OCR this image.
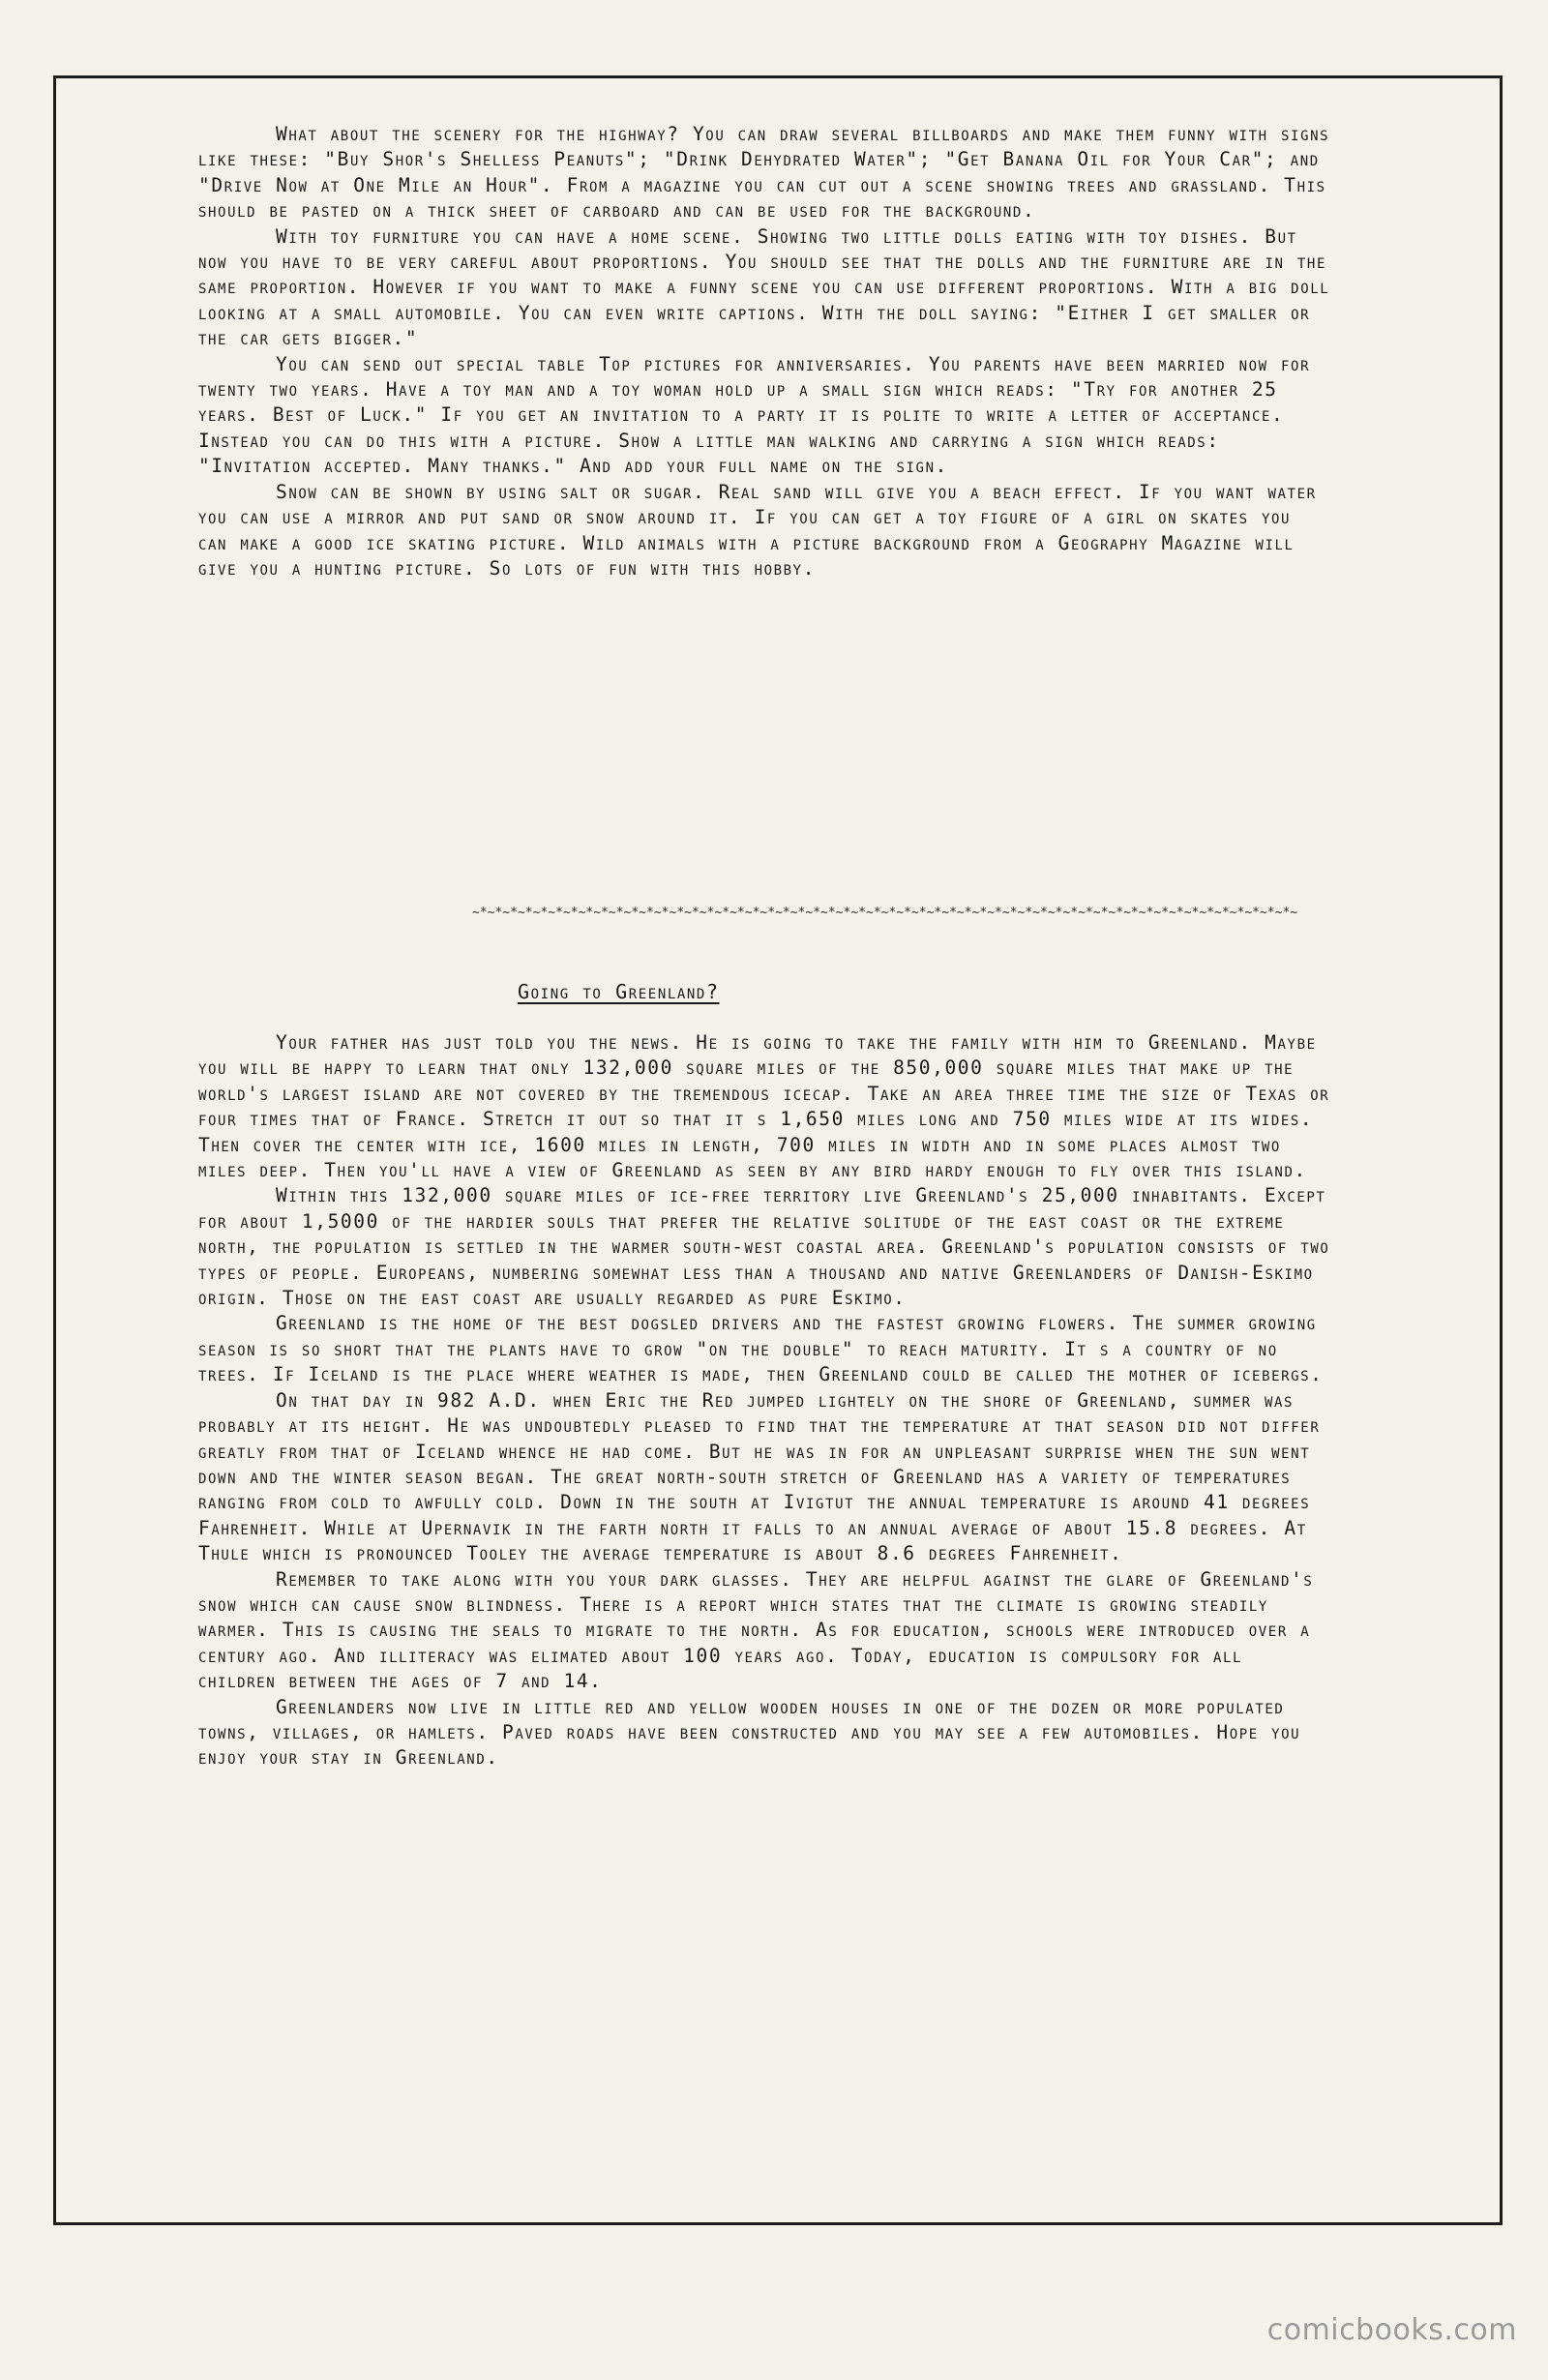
What about the scenery for the highway? You can draw several billboards and make them funny with signs like these: "Buy Shor's Shelless Peanuts"; "Drink Dehydrated Water"; "Get Banana Oil for Your Car"; and "Drive Now at One Mile an Hour". From a magazine you can cut out a scene showing trees and grassland. This should be pasted on a thick sheet of carboard and can be used for the background.

With toy furniture you can have a home scene. Showing two little dolls eating with toy dishes. But now you have to be very careful about proportions. You should see that the dolls and the furniture are in the same proportion. However if you want to make a funny scene you can use different proportions. With a big doll looking at a small automobile. You can even write captions. With the doll saying: "Either I get smaller or the car gets bigger."

You can send out special table Top pictures for anniversaries. You parents have been married now for twenty two years. Have a toy man and a toy woman hold up a small sign which reads: "Try for another 25 years. Best of Luck." If you get an invitation to a party it is polite to write a letter of acceptance. Instead you can do this with a picture. Show a little man walking and carrying a sign which reads: "Invitation accepted. Many thanks." And add your full name on the sign.

Snow can be shown by using salt or sugar. Real sand will give you a beach effect. If you want water you can use a mirror and put sand or snow around it. If you can get a toy figure of a girl on skates you can make a good ice skating picture. Wild animals with a picture background from a Geography Magazine will give you a hunting picture. So lots of fun with this hobby.

~*~*~*~*~*~*~*~*~*~*~*~*~*~*~*~*~*~*~*~*~*~*~*~*~*~*~*~*~*~*~*~*~*~*~*~*~*~*~*~*~*~*~*~*~*~*~*~*~*~*~*~*~*~*~
Going to Greenland?

Your father has just told you the news. He is going to take the family with him to Greenland. Maybe you will be happy to learn that only 132,000 square miles of the 850,000 square miles that make up the world's largest island are not covered by the tremendous icecap. Take an area three time the size of Texas or four times that of France. Stretch it out so that it s 1,650 miles long and 750 miles wide at its wides. Then cover the center with ice, 1600 miles in length, 700 miles in width and in some places almost two miles deep. Then you'll have a view of Greenland as seen by any bird hardy enough to fly over this island.

Within this 132,000 square miles of ice-free territory live Greenland's 25,000 inhabitants. Except for about 1,5000 of the hardier souls that prefer the relative solitude of the east coast or the extreme north, the population is settled in the warmer south-west coastal area. Greenland's population consists of two types of people. Europeans, numbering somewhat less than a thousand and native Greenlanders of Danish-Eskimo origin. Those on the east coast are usually regarded as pure Eskimo.

Greenland is the home of the best dogsled drivers and the fastest growing flowers. The summer growing season is so short that the plants have to grow "on the double" to reach maturity. It s a country of no trees. If Iceland is the place where weather is made, then Greenland could be called the mother of icebergs.

On that day in 982 A.D. when Eric the Red jumped lightely on the shore of Greenland, summer was probably at its height. He was undoubtedly pleased to find that the temperature at that season did not differ greatly from that of Iceland whence he had come. But he was in for an unpleasant surprise when the sun went down and the winter season began. The great north-south stretch of Greenland has a variety of temperatures ranging from cold to awfully cold. Down in the south at Ivigtut the annual temperature is around 41 degrees Fahrenheit. While at Upernavik in the farth north it falls to an annual average of about 15.8 degrees. At Thule which is pronounced Tooley the average temperature is about 8.6 degrees Fahrenheit.

Remember to take along with you your dark glasses. They are helpful against the glare of Greenland's snow which can cause snow blindness. There is a report which states that the climate is growing steadily warmer. This is causing the seals to migrate to the north. As for education, schools were introduced over a century ago. And illiteracy was elimated about 100 years ago. Today, education is compulsory for all children between the ages of 7 and 14.

Greenlanders now live in little red and yellow wooden houses in one of the dozen or more populated towns, villages, or hamlets. Paved roads have been constructed and you may see a few automobiles. Hope you enjoy your stay in Greenland.

comicbooks.com
